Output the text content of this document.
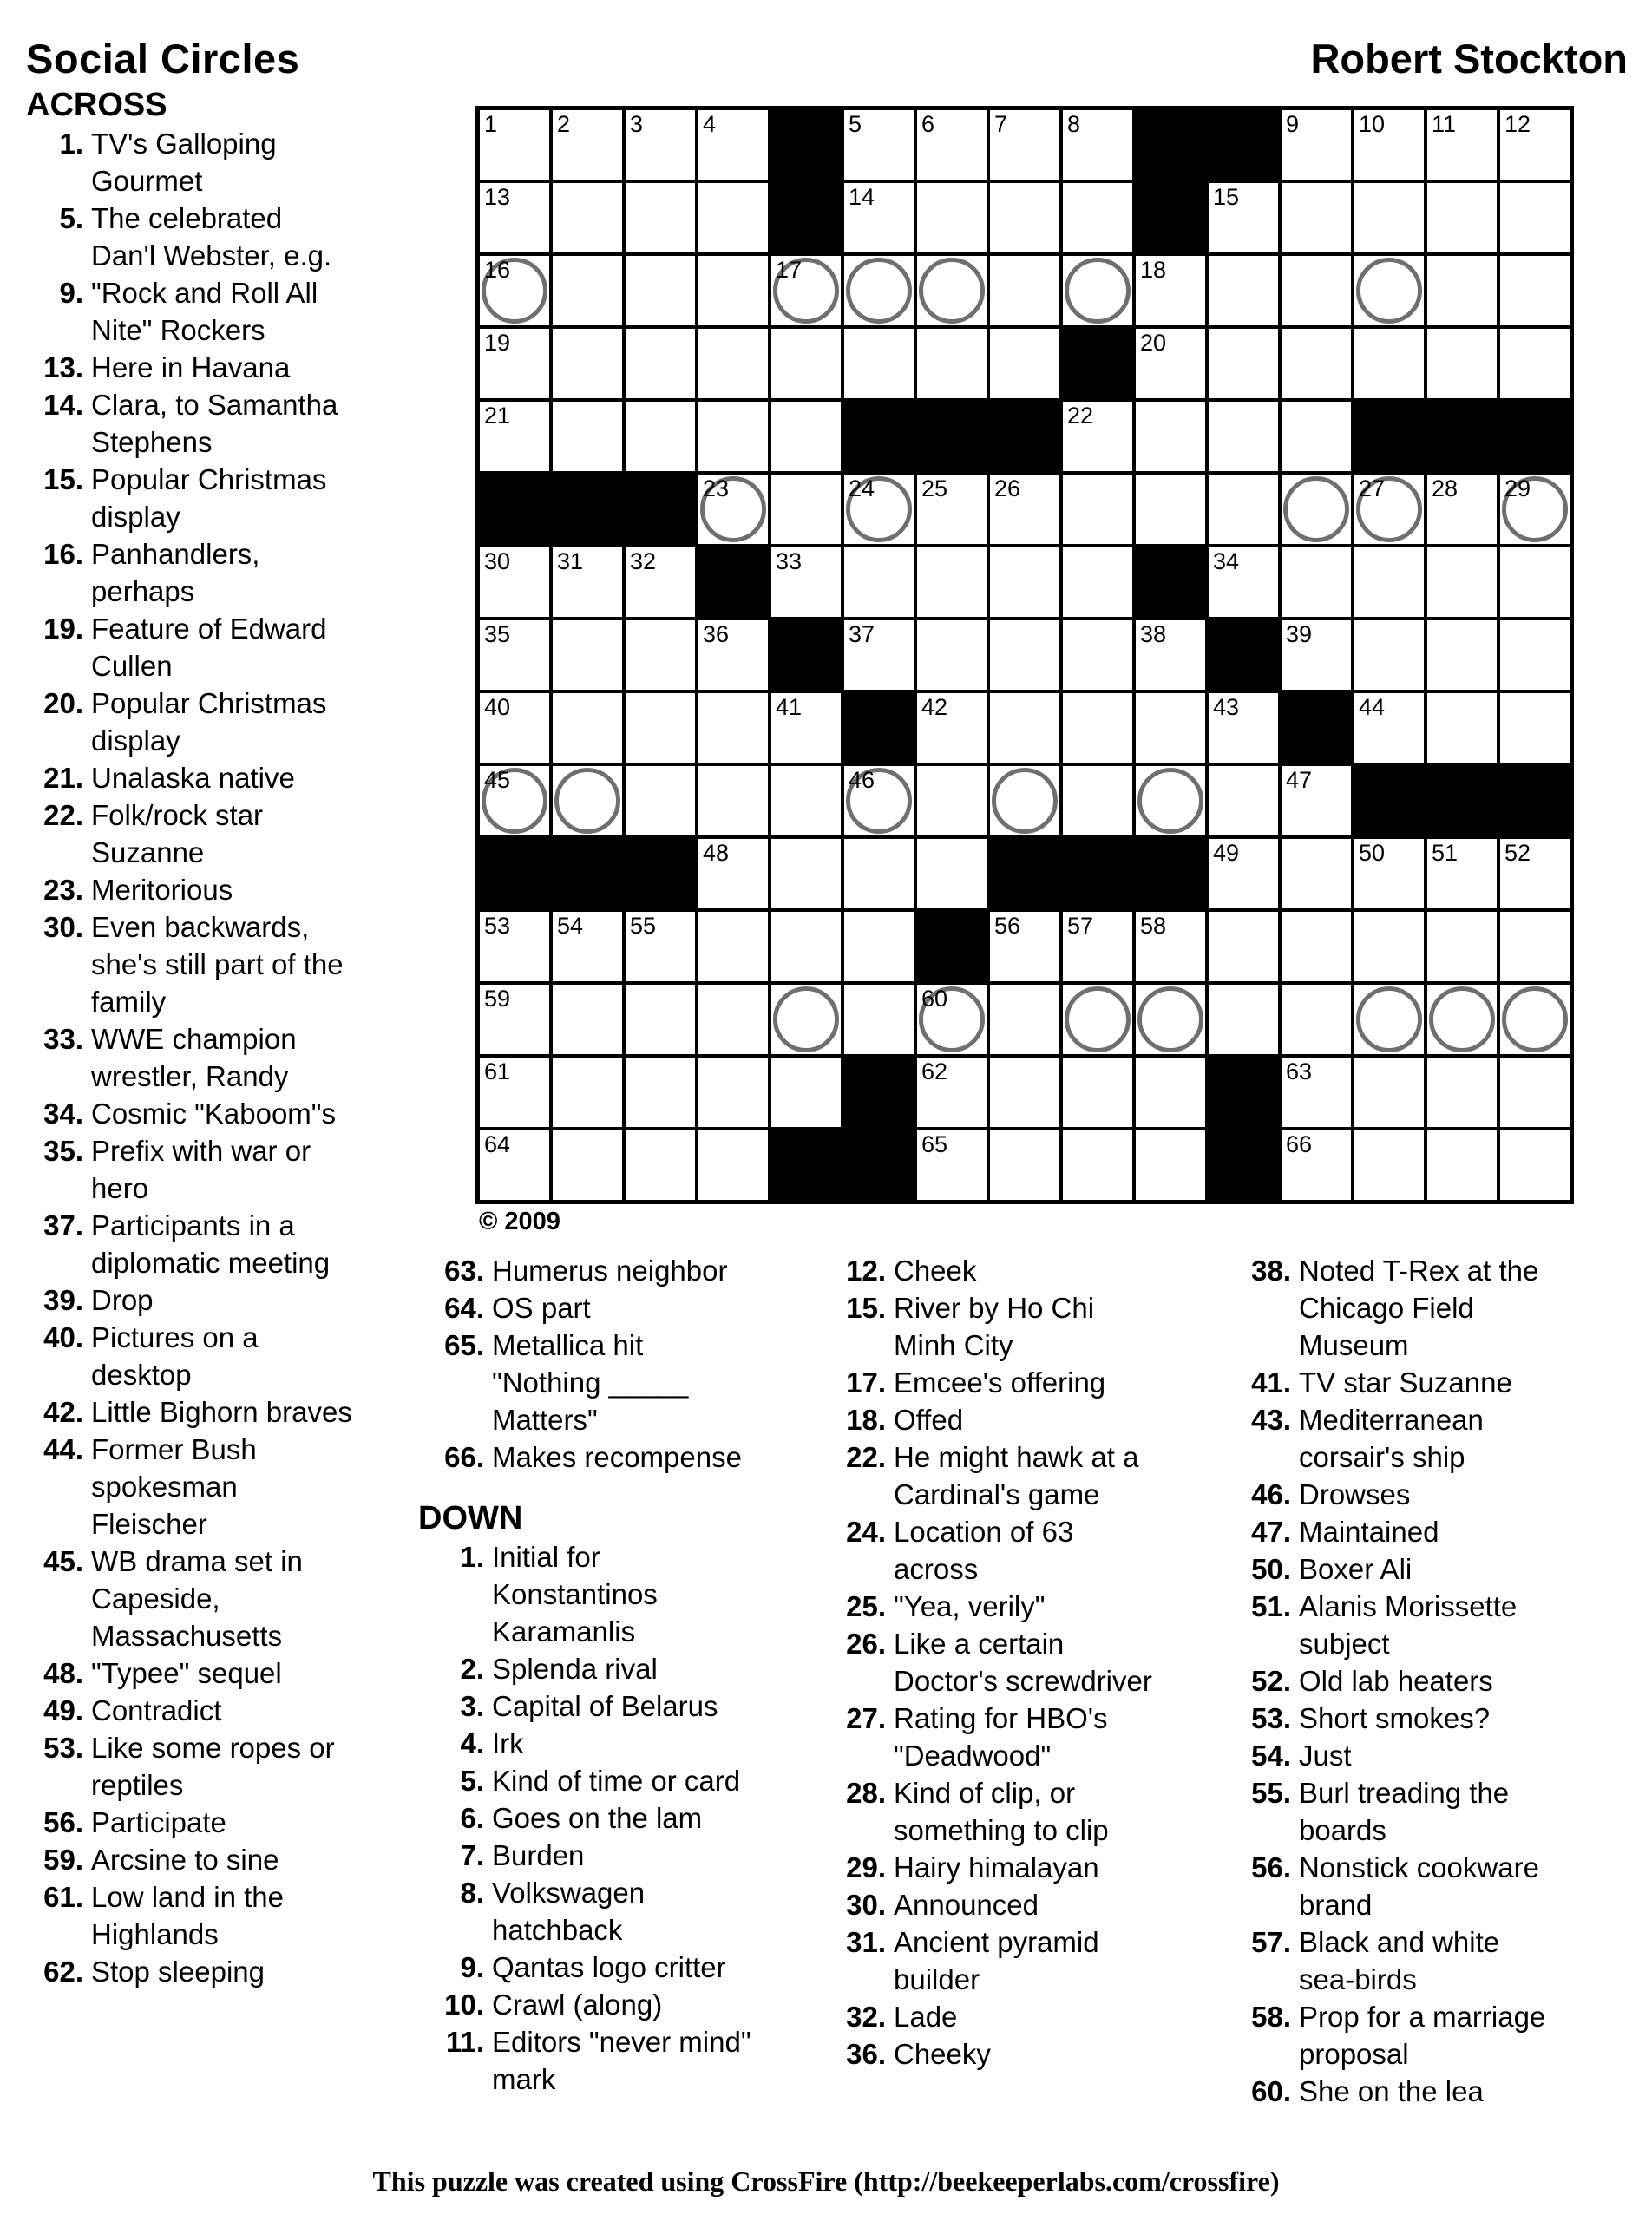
Social Circles	Robert Stockton
1	2	3	4	5	6	7	8	9	10 11 12
13	14	15
16	17	18
19	20
21	22
23	24 25 26	27 28 29
30 31 32	33	34
35	36	37	38	39
40	41	42	43	44
45	46	47
48	49	50 51 52
53 54 55	56 57 58
59	60
61	62	63
64	65	66
© 2009
ACROSS
1. TV's Galloping
Gourmet
5. The celebrated
Dan'l Webster, e.g.
9. "Rock and Roll All
Nite" Rockers
13. Here in Havana
14. Clara, to Samantha
Stephens
15. Popular Christmas
display
16. Panhandlers,
perhaps
19. Feature of Edward
Cullen
20. Popular Christmas
display
21. Unalaska native
22. Folk/rock star
Suzanne
23. Meritorious
30. Even backwards,
she's still part of the
family
33. WWE champion
wrestler, Randy
34. Cosmic "Kaboom"s
35. Prefix with war or
hero
37. Participants in a
diplomatic meeting
39. Drop
40. Pictures on a
desktop
42. Little Bighorn braves
44. Former Bush
spokesman
Fleischer
45. WB drama set in
Capeside,
Massachusetts
48. "Typee" sequel
49. Contradict
53. Like some ropes or
reptiles
56. Participate
59. Arcsine to sine
61. Low land in the
Highlands
62. Stop sleeping
63. Humerus neighbor
64. OS part
65. Metallica hit
"Nothing _____
Matters"
66. Makes recompense
DOWN
1. Initial for
Konstantinos
Karamanlis
2. Splenda rival
3. Capital of Belarus
4. Irk
5. Kind of time or card
6. Goes on the lam
7. Burden
8. Volkswagen
hatchback
9. Qantas logo critter
10. Crawl (along)
11. Editors "never mind"
mark
12. Cheek
15. River by Ho Chi
Minh City
17. Emcee's offering
18. Offed
22. He might hawk at a
Cardinal's game
24. Location of 63
across
25. "Yea, verily"
26. Like a certain
Doctor's screwdriver
27. Rating for HBO's
"Deadwood"
28. Kind of clip, or
something to clip
29. Hairy himalayan
30. Announced
31. Ancient pyramid
builder
32. Lade
36. Cheeky
38. Noted T-Rex at the
Chicago Field
Museum
41. TV star Suzanne
43. Mediterranean
corsair's ship
46. Drowses
47. Maintained
50. Boxer Ali
51. Alanis Morissette
subject
52. Old lab heaters
53. Short smokes?
54. Just
55. Burl treading the
boards
56. Nonstick cookware
brand
57. Black and white
sea-birds
58. Prop for a marriage
proposal
60. She on the lea
This puzzle was created using CrossFire (http://beekeeperlabs.com/crossfire)
